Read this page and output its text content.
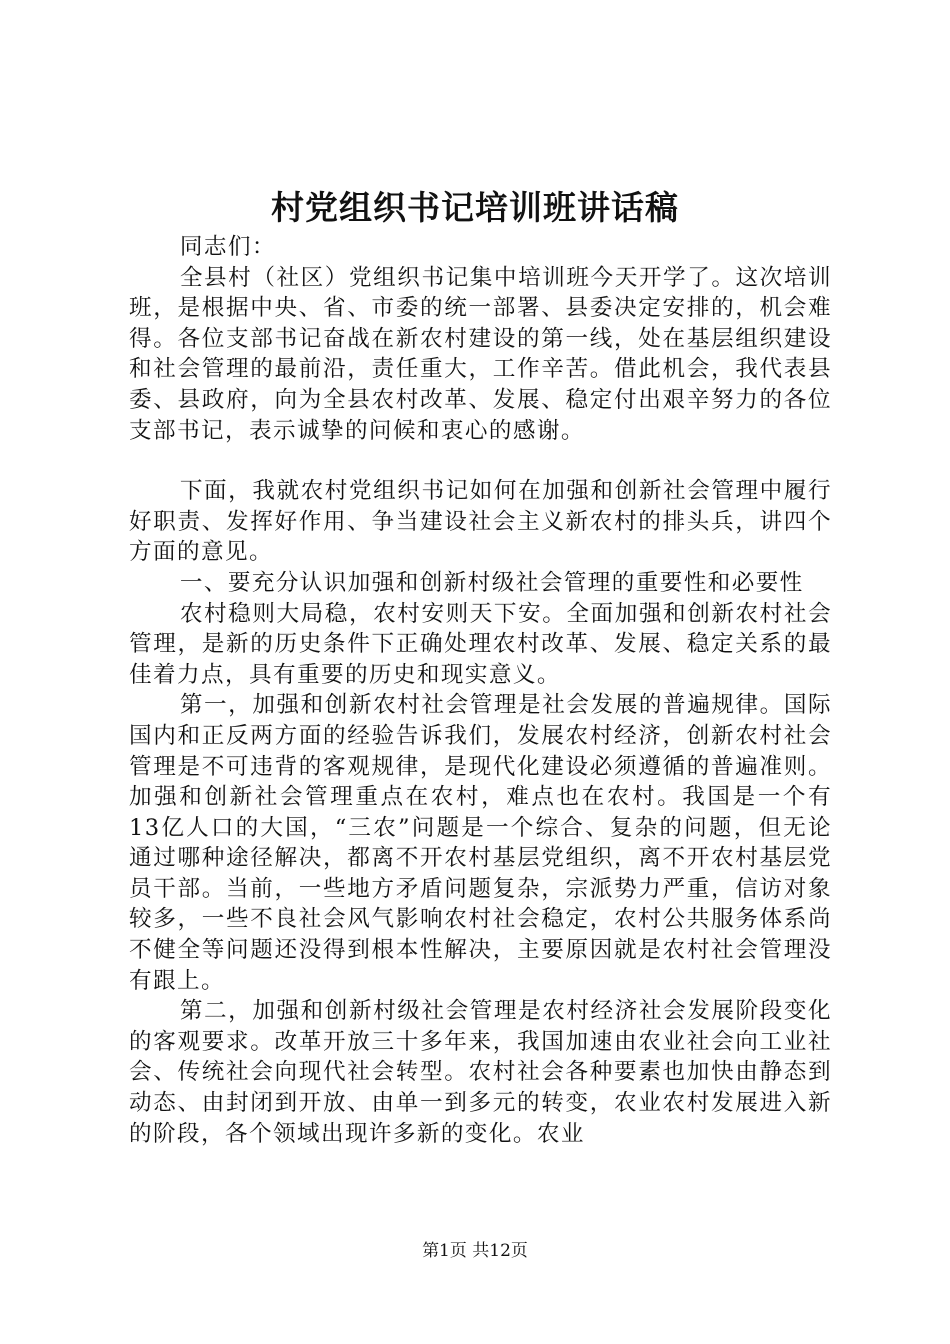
村党组织书记培训班讲话稿

同志们：

全县村（社区）党组织书记集中培训班今天开学了。这次培训班，是根据中央、省、市委的统一部署、县委决定安排的，机会难得。各位支部书记奋战在新农村建设的第一线，处在基层组织建设和社会管理的最前沿，责任重大，工作辛苦。借此机会，我代表县委、县政府，向为全县农村改革、发展、稳定付出艰辛努力的各位支部书记，表示诚挚的问候和衷心的感谢。

下面，我就农村党组织书记如何在加强和创新社会管理中履行好职责、发挥好作用、争当建设社会主义新农村的排头兵，讲四个方面的意见。

一、要充分认识加强和创新村级社会管理的重要性和必要性

农村稳则大局稳，农村安则天下安。全面加强和创新农村社会管理，是新的历史条件下正确处理农村改革、发展、稳定关系的最佳着力点，具有重要的历史和现实意义。

第一，加强和创新农村社会管理是社会发展的普遍规律。国际国内和正反两方面的经验告诉我们，发展农村经济，创新农村社会管理是不可违背的客观规律，是现代化建设必须遵循的普遍准则。加强和创新社会管理重点在农村，难点也在农村。我国是一个有13亿人口的大国，“三农”问题是一个综合、复杂的问题，但无论通过哪种途径解决，都离不开农村基层党组织，离不开农村基层党员干部。当前，一些地方矛盾问题复杂，宗派势力严重，信访对象较多，一些不良社会风气影响农村社会稳定，农村公共服务体系尚不健全等问题还没得到根本性解决，主要原因就是农村社会管理没有跟上。

第二，加强和创新村级社会管理是农村经济社会发展阶段变化的客观要求。改革开放三十多年来，我国加速由农业社会向工业社会、传统社会向现代社会转型。农村社会各种要素也加快由静态到动态、由封闭到开放、由单一到多元的转变，农业农村发展进入新的阶段，各个领域出现许多新的变化。农业

第1页 共12页
